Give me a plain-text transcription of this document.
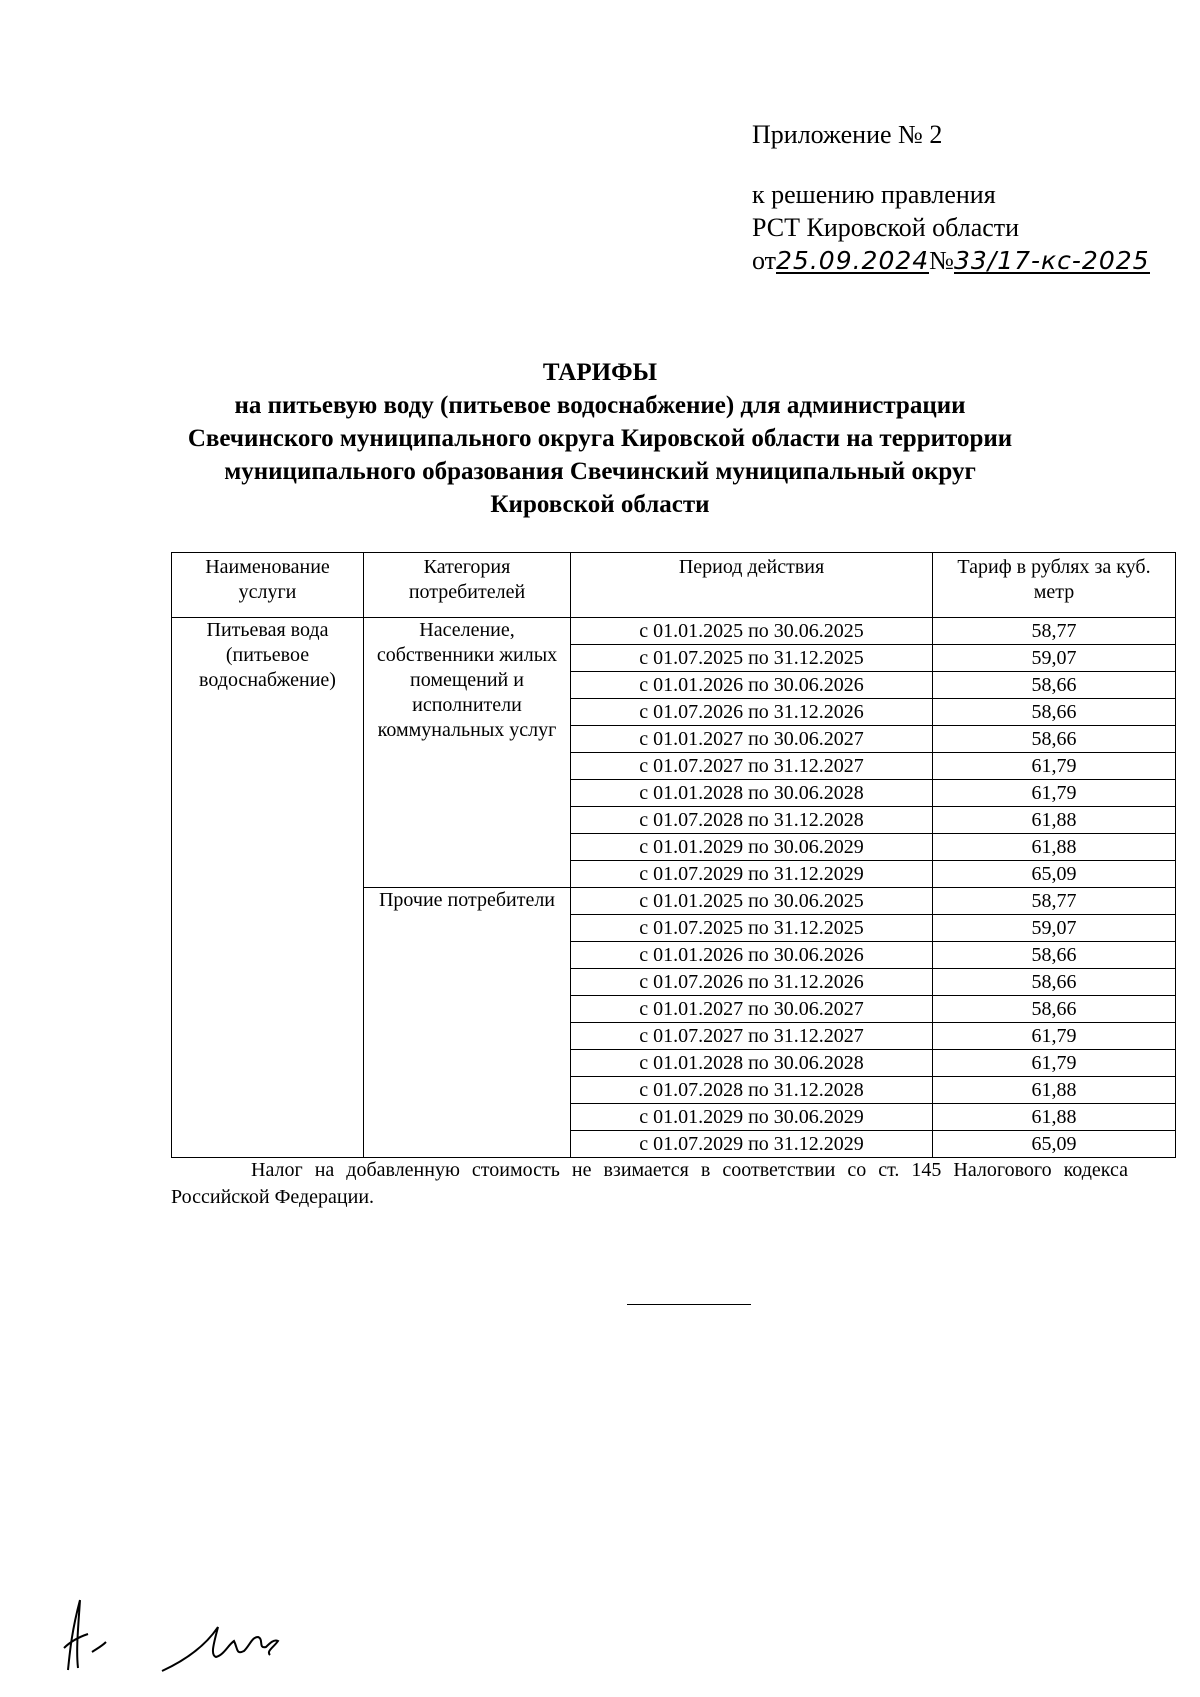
Приложение № 2
к решению правления
РСТ Кировской области
от25.09.2024№33/17-кс-2025
ТАРИФЫ
на питьевую воду (питьевое водоснабжение) для администрации
Свечинского муниципального округа Кировской области на территории
муниципального образования Свечинский муниципальный округ
Кировской области
Наименование услуги	Категория потребителей	Период действия	Тариф в рублях за куб. метр
Питьевая вода (питьевое водоснабжение)	Население, собственники жилых помещений и исполнители коммунальных услуг	с 01.01.2025 по 30.06.2025	58,77
		с 01.07.2025 по 31.12.2025	59,07
		с 01.01.2026 по 30.06.2026	58,66
		с 01.07.2026 по 31.12.2026	58,66
		с 01.01.2027 по 30.06.2027	58,66
		с 01.07.2027 по 31.12.2027	61,79
		с 01.01.2028 по 30.06.2028	61,79
		с 01.07.2028 по 31.12.2028	61,88
		с 01.01.2029 по 30.06.2029	61,88
		с 01.07.2029 по 31.12.2029	65,09
	Прочие потребители	с 01.01.2025 по 30.06.2025	58,77
		с 01.07.2025 по 31.12.2025	59,07
		с 01.01.2026 по 30.06.2026	58,66
		с 01.07.2026 по 31.12.2026	58,66
		с 01.01.2027 по 30.06.2027	58,66
		с 01.07.2027 по 31.12.2027	61,79
		с 01.01.2028 по 30.06.2028	61,79
		с 01.07.2028 по 31.12.2028	61,88
		с 01.01.2029 по 30.06.2029	61,88
		с 01.07.2029 по 31.12.2029	65,09
Налог на добавленную стоимость не взимается в соответствии со ст. 145 Налогового кодекса Российской Федерации.
